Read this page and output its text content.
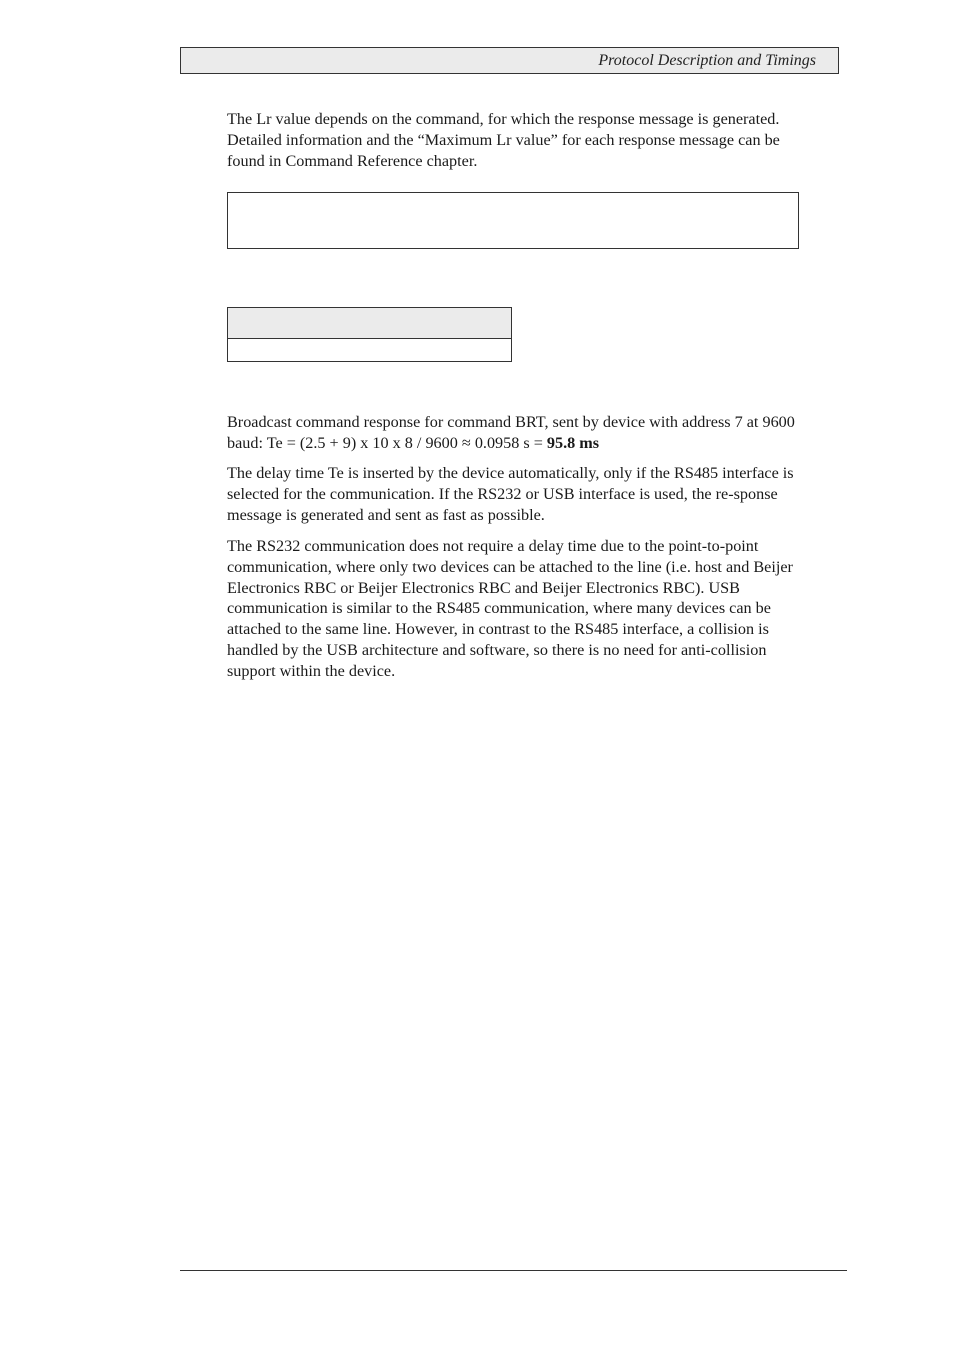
Protocol Description and Timings

The Lr value depends on the command, for which the response message is generated. Detailed information and the “Maximum Lr value” for each response message can be found in Command Reference chapter.

Broadcast command response for command BRT, sent by device with address 7 at 9600 baud: Te = (2.5 + 9) x 10 x 8 / 9600 ≈ 0.0958 s = 95.8 ms

The delay time Te is inserted by the device automatically, only if the RS485 interface is selected for the communication. If the RS232 or USB interface is used, the re-sponse message is generated and sent as fast as possible.

The RS232 communication does not require a delay time due to the point-to-point communication, where only two devices can be attached to the line (i.e. host and Beijer Electronics RBC or Beijer Electronics RBC and Beijer Electronics RBC). USB communication is similar to the RS485 communication, where many devices can be attached to the same line. However, in contrast to the RS485 interface, a collision is handled by the USB architecture and software, so there is no need for anti-collision support within the device.
